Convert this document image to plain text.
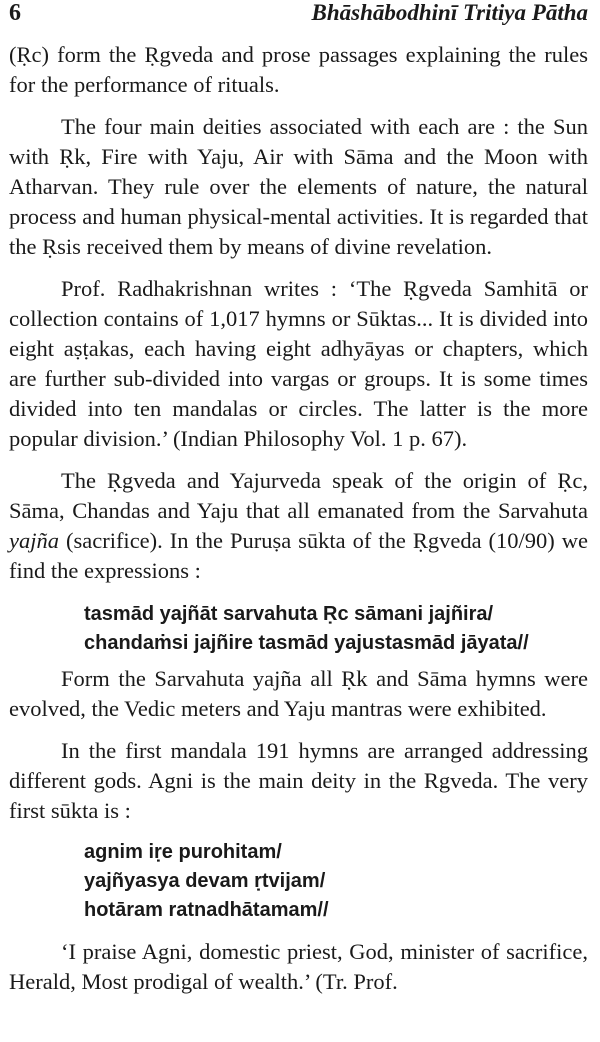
6	Bhāshābodhinī Tritiya Pātha

(Ṛc) form the Ṛgveda and prose passages explaining the rules for the performance of rituals.

The four main deities associated with each are : the Sun with Ṛk, Fire with Yaju, Air with Sāma and the Moon with Atharvan. They rule over the elements of nature, the natural process and human physical-mental activities. It is regarded that the Ṛsis received them by means of divine revelation.

Prof. Radhakrishnan writes : ‘The Ṛgveda Samhitā or collection contains of 1,017 hymns or Sūktas... It is divided into eight aṣṭakas, each having eight adhyāyas or chapters, which are further sub-divided into vargas or groups. It is some times divided into ten mandalas or circles. The latter is the more popular division.’ (Indian Philosophy Vol. 1 p. 67).

The Ṛgveda and Yajurveda speak of the origin of Ṛc, Sāma, Chandas and Yaju that all emanated from the Sarvahuta yajña (sacrifice). In the Puruṣa sūkta of the Ṛgveda (10/90) we find the expressions :

tasmād yajñāt sarvahuta Ṛc sāmani jajñira/
chandaṁsi jajñire tasmād yajustasmād jāyata//

Form the Sarvahuta yajña all Ṛk and Sāma hymns were evolved, the Vedic meters and Yaju mantras were exhibited.

In the first mandala 191 hymns are arranged addressing different gods. Agni is the main deity in the Rgveda. The very first sūkta is :

agnim iṛe purohitam/
yajñyasya devam ṛtvijam/
hotāram ratnadhātamam//

‘I praise Agni, domestic priest, God, minister of sacrifice, Herald, Most prodigal of wealth.’ (Tr. Prof.
